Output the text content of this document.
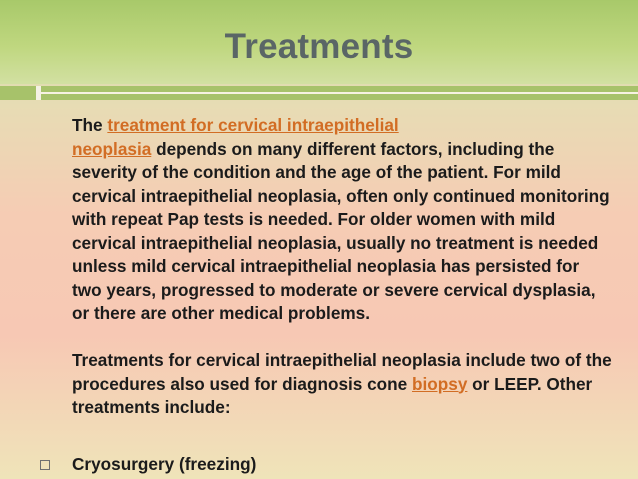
Treatments

The treatment for cervical intraepithelial
neoplasia depends on many different factors, including the severity of the condition and the age of the patient. For mild cervical intraepithelial neoplasia, often only continued monitoring with repeat Pap tests is needed. For older women with mild cervical intraepithelial neoplasia, usually no treatment is needed unless mild cervical intraepithelial neoplasia has persisted for two years, progressed to moderate or severe cervical dysplasia, or there are other medical problems.

Treatments for cervical intraepithelial neoplasia include two of the procedures also used for diagnosis cone biopsy or LEEP. Other treatments include:

Cryosurgery (freezing)
